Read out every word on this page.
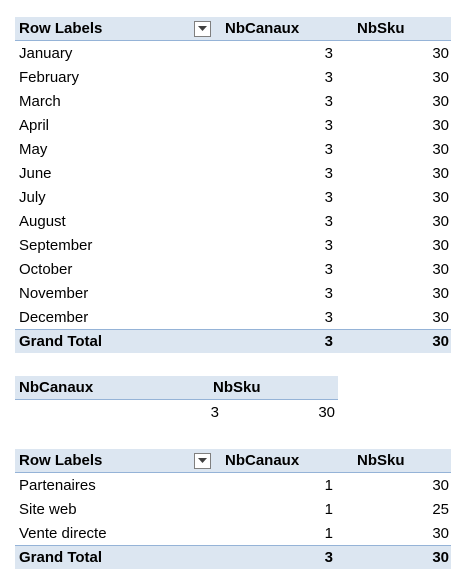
Row Labels	NbCanaux	NbSku
January	3	30
February	3	30
March	3	30
April	3	30
May	3	30
June	3	30
July	3	30
August	3	30
September	3	30
October	3	30
November	3	30
December	3	30
Grand Total	3	30
NbCanaux	NbSku
3	30
Row Labels	NbCanaux	NbSku
Partenaires	1	30
Site web	1	25
Vente directe	1	30
Grand Total	3	30
